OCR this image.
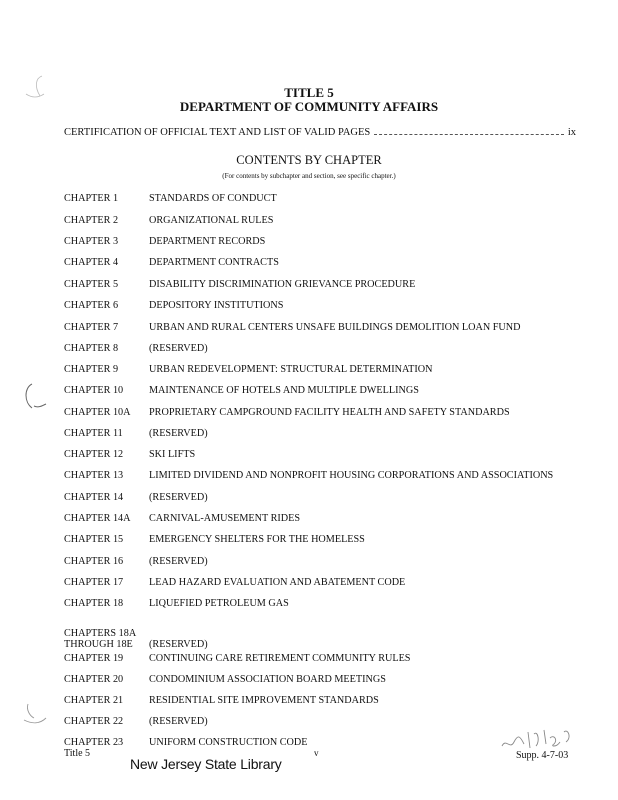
TITLE 5
DEPARTMENT OF COMMUNITY AFFAIRS
CERTIFICATION OF OFFICIAL TEXT AND LIST OF VALID PAGES	ix
CONTENTS BY CHAPTER
(For contents by subchapter and section, see specific chapter.)
CHAPTER 1	STANDARDS OF CONDUCT
CHAPTER 2	ORGANIZATIONAL RULES
CHAPTER 3	DEPARTMENT RECORDS
CHAPTER 4	DEPARTMENT CONTRACTS
CHAPTER 5	DISABILITY DISCRIMINATION GRIEVANCE PROCEDURE
CHAPTER 6	DEPOSITORY INSTITUTIONS
CHAPTER 7	URBAN AND RURAL CENTERS UNSAFE BUILDINGS DEMOLITION LOAN FUND
CHAPTER 8	(RESERVED)
CHAPTER 9	URBAN REDEVELOPMENT: STRUCTURAL DETERMINATION
CHAPTER 10	MAINTENANCE OF HOTELS AND MULTIPLE DWELLINGS
CHAPTER 10A	PROPRIETARY CAMPGROUND FACILITY HEALTH AND SAFETY STANDARDS
CHAPTER 11	(RESERVED)
CHAPTER 12	SKI LIFTS
CHAPTER 13	LIMITED DIVIDEND AND NONPROFIT HOUSING CORPORATIONS AND ASSOCIATIONS
CHAPTER 14	(RESERVED)
CHAPTER 14A	CARNIVAL-AMUSEMENT RIDES
CHAPTER 15	EMERGENCY SHELTERS FOR THE HOMELESS
CHAPTER 16	(RESERVED)
CHAPTER 17	LEAD HAZARD EVALUATION AND ABATEMENT CODE
CHAPTER 18	LIQUEFIED PETROLEUM GAS
CHAPTERS 18A
THROUGH 18E	(RESERVED)
CHAPTER 19	CONTINUING CARE RETIREMENT COMMUNITY RULES
CHAPTER 20	CONDOMINIUM ASSOCIATION BOARD MEETINGS
CHAPTER 21	RESIDENTIAL SITE IMPROVEMENT STANDARDS
CHAPTER 22	(RESERVED)
CHAPTER 23	UNIFORM CONSTRUCTION CODE
Title 5
New Jersey State Library
v	Supp. 4-7-03
